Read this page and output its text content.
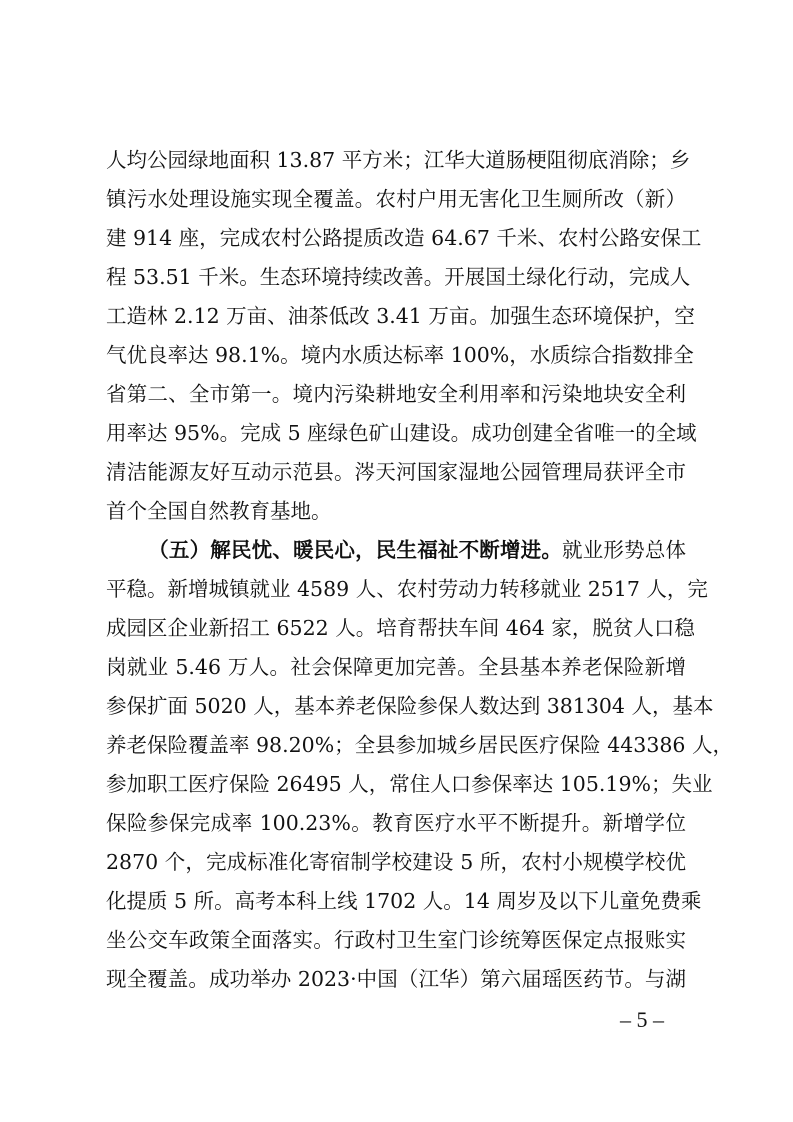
人均公园绿地面积 13.87 平方米；江华大道肠梗阻彻底消除；乡
镇污水处理设施实现全覆盖。农村户用无害化卫生厕所改（新）
建 914 座，完成农村公路提质改造 64.67 千米、农村公路安保工
程 53.51 千米。生态环境持续改善。开展国土绿化行动，完成人
工造林 2.12 万亩、油茶低改 3.41 万亩。加强生态环境保护，空
气优良率达 98.1%。境内水质达标率 100%，水质综合指数排全
省第二、全市第一。境内污染耕地安全利用率和污染地块安全利
用率达 95%。完成 5 座绿色矿山建设。成功创建全省唯一的全域
清洁能源友好互动示范县。涔天河国家湿地公园管理局获评全市
首个全国自然教育基地。
（五）解民忧、暖民心，民生福祉不断增进。就业形势总体
平稳。新增城镇就业 4589 人、农村劳动力转移就业 2517 人，完
成园区企业新招工 6522 人。培育帮扶车间 464 家，脱贫人口稳
岗就业 5.46 万人。社会保障更加完善。全县基本养老保险新增
参保扩面 5020 人，基本养老保险参保人数达到 381304 人，基本
养老保险覆盖率 98.20%；全县参加城乡居民医疗保险 443386 人，
参加职工医疗保险 26495 人，常住人口参保率达 105.19%；失业
保险参保完成率 100.23%。教育医疗水平不断提升。新增学位
2870 个，完成标准化寄宿制学校建设 5 所，农村小规模学校优
化提质 5 所。高考本科上线 1702 人。14 周岁及以下儿童免费乘
坐公交车政策全面落实。行政村卫生室门诊统筹医保定点报账实
现全覆盖。成功举办 2023·中国（江华）第六届瑶医药节。与湖
– 5 –
